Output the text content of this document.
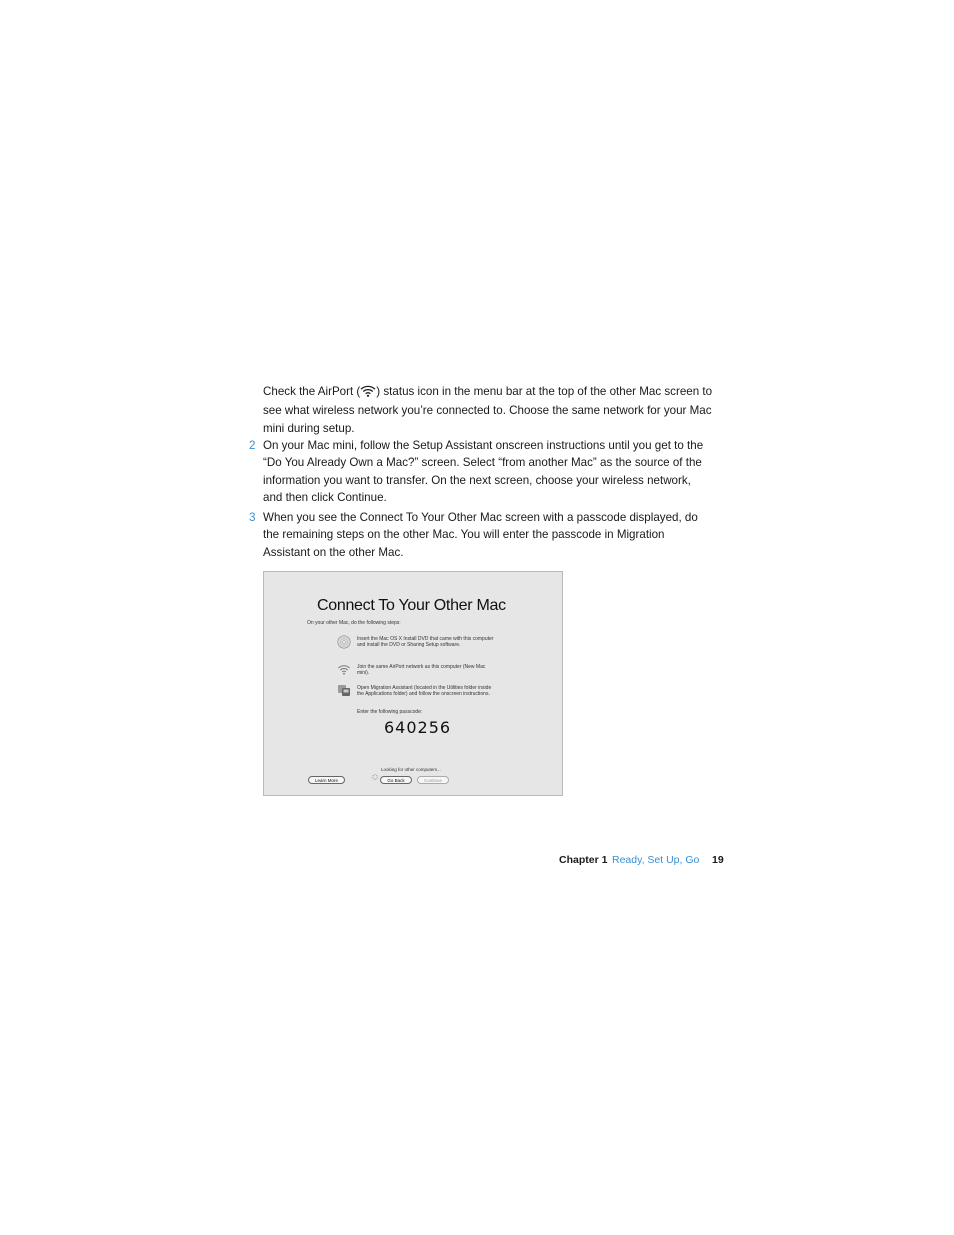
Check the AirPort ( ) status icon in the menu bar at the top of the other Mac screen to see what wireless network you’re connected to. Choose the same network for your Mac mini during setup.

2 On your Mac mini, follow the Setup Assistant onscreen instructions until you get to the “Do You Already Own a Mac?” screen. Select “from another Mac” as the source of the information you want to transfer. On the next screen, choose your wireless network, and then click Continue.

3 When you see the Connect To Your Other Mac screen with a passcode displayed, do the remaining steps on the other Mac. You will enter the passcode in Migration Assistant on the other Mac.

Connect To Your Other Mac
On your other Mac, do the following steps:
Insert the Mac OS X Install DVD that came with this computer and install the DVD or Sharing Setup software.
Join the same AirPort network as this computer (New Mac mini).
Open Migration Assistant (located in the Utilities folder inside the Applications folder) and follow the onscreen instructions.
Enter the following passcode:
640256
Looking for other computers...
Learn More	Go Back	Continue
Chapter 1 Ready, Set Up, Go 19
